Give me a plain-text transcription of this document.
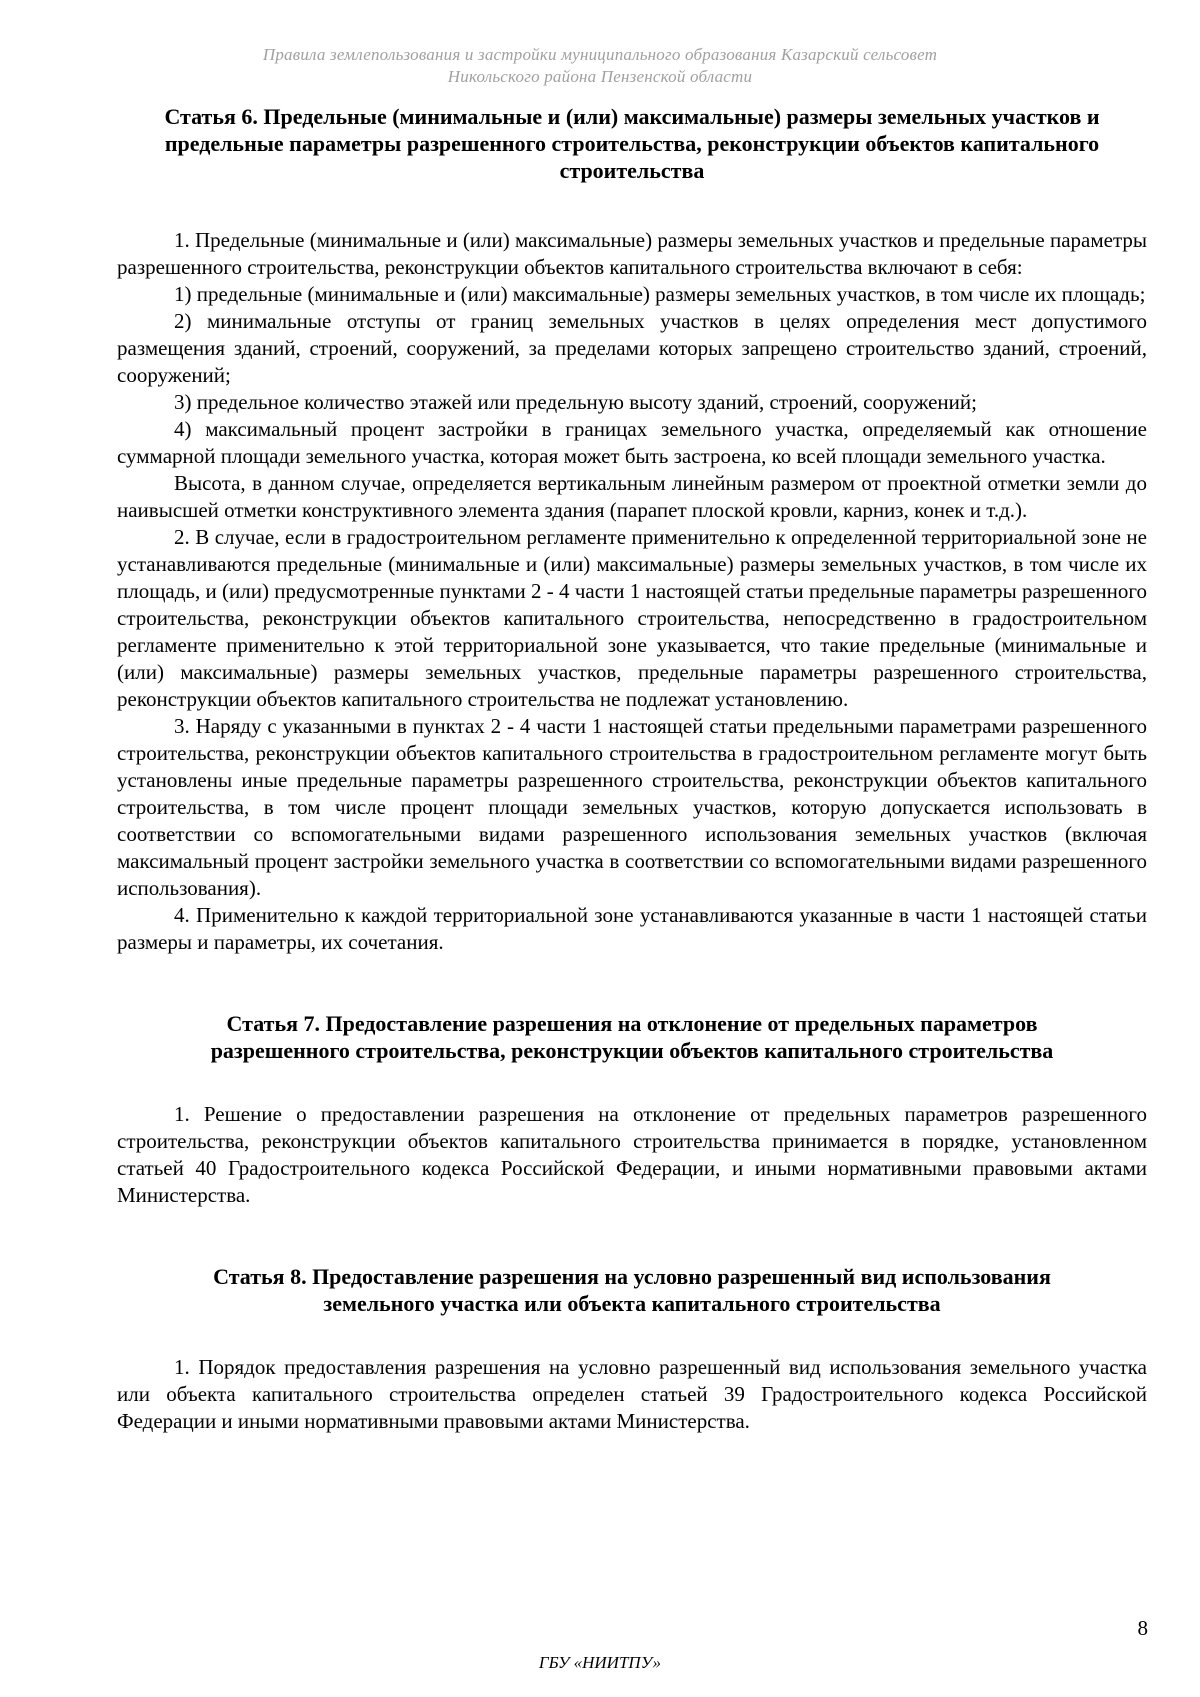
Правила землепользования и застройки муниципального образования Казарский сельсовет
Никольского района Пензенской области
Статья 6. Предельные (минимальные и (или) максимальные) размеры земельных участков и предельные параметры разрешенного строительства, реконструкции объектов капитального строительства

1. Предельные (минимальные и (или) максимальные) размеры земельных участков и предельные параметры разрешенного строительства, реконструкции объектов капитального строительства включают в себя:

1) предельные (минимальные и (или) максимальные) размеры земельных участков, в том числе их площадь;

2) минимальные отступы от границ земельных участков в целях определения мест допустимого размещения зданий, строений, сооружений, за пределами которых запрещено строительство зданий, строений, сооружений;

3) предельное количество этажей или предельную высоту зданий, строений, сооружений;

4) максимальный процент застройки в границах земельного участка, определяемый как отношение суммарной площади земельного участка, которая может быть застроена, ко всей площади земельного участка.

Высота, в данном случае, определяется вертикальным линейным размером от проектной отметки земли до наивысшей отметки конструктивного элемента здания (парапет плоской кровли, карниз, конек и т.д.).

2. В случае, если в градостроительном регламенте применительно к определенной территориальной зоне не устанавливаются предельные (минимальные и (или) максимальные) размеры земельных участков, в том числе их площадь, и (или) предусмотренные пунктами 2 - 4 части 1 настоящей статьи предельные параметры разрешенного строительства, реконструкции объектов капитального строительства, непосредственно в градостроительном регламенте применительно к этой территориальной зоне указывается, что такие предельные (минимальные и (или) максимальные) размеры земельных участков, предельные параметры разрешенного строительства, реконструкции объектов капитального строительства не подлежат установлению.

3. Наряду с указанными в пунктах 2 - 4 части 1 настоящей статьи предельными параметрами разрешенного строительства, реконструкции объектов капитального строительства в градостроительном регламенте могут быть установлены иные предельные параметры разрешенного строительства, реконструкции объектов капитального строительства, в том числе процент площади земельных участков, которую допускается использовать в соответствии со вспомогательными видами разрешенного использования земельных участков (включая максимальный процент застройки земельного участка в соответствии со вспомогательными видами разрешенного использования).

4. Применительно к каждой территориальной зоне устанавливаются указанные в части 1 настоящей статьи размеры и параметры, их сочетания.

Статья 7. Предоставление разрешения на отклонение от предельных параметров разрешенного строительства, реконструкции объектов капитального строительства

1. Решение о предоставлении разрешения на отклонение от предельных параметров разрешенного строительства, реконструкции объектов капитального строительства принимается в порядке, установленном статьей 40 Градостроительного кодекса Российской Федерации, и иными нормативными правовыми актами Министерства.

Статья 8. Предоставление разрешения на условно разрешенный вид использования земельного участка или объекта капитального строительства

1. Порядок предоставления разрешения на условно разрешенный вид использования земельного участка или объекта капитального строительства определен статьей 39 Градостроительного кодекса Российской Федерации и иными нормативными правовыми актами Министерства.

8
ГБУ «НИИТПУ»
